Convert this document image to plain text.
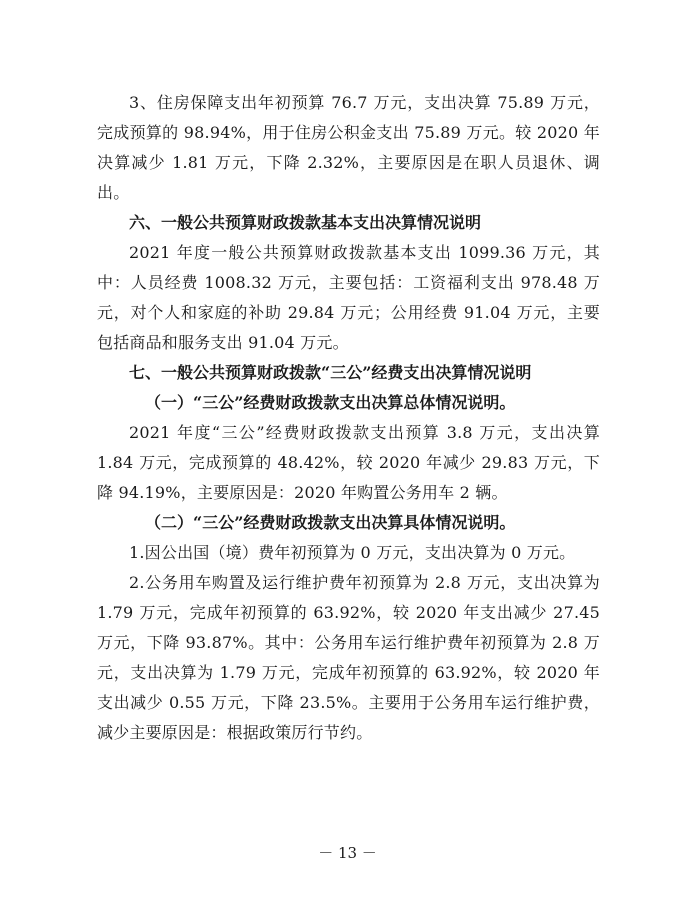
3、住房保障支出年初预算 76.7 万元，支出决算 75.89 万元，完成预算的 98.94%，用于住房公积金支出 75.89 万元。较 2020 年决算减少 1.81 万元，下降 2.32%，主要原因是在职人员退休、调出。

六、一般公共预算财政拨款基本支出决算情况说明

2021 年度一般公共预算财政拨款基本支出 1099.36 万元，其中：人员经费 1008.32 万元，主要包括：工资福利支出 978.48 万元，对个人和家庭的补助 29.84 万元；公用经费 91.04 万元，主要包括商品和服务支出 91.04 万元。

七、一般公共预算财政拨款“三公”经费支出决算情况说明

（一）“三公”经费财政拨款支出决算总体情况说明。

2021 年度“三公”经费财政拨款支出预算 3.8 万元，支出决算 1.84 万元，完成预算的 48.42%，较 2020 年减少 29.83 万元，下降 94.19%，主要原因是：2020 年购置公务用车 2 辆。

（二）“三公”经费财政拨款支出决算具体情况说明。

1.因公出国（境）费年初预算为 0 万元，支出决算为 0 万元。

2.公务用车购置及运行维护费年初预算为 2.8 万元，支出决算为 1.79 万元，完成年初预算的 63.92%，较 2020 年支出减少 27.45 万元，下降 93.87%。其中：公务用车运行维护费年初预算为 2.8 万元，支出决算为 1.79 万元，完成年初预算的 63.92%，较 2020 年支出减少 0.55 万元，下降 23.5%。主要用于公务用车运行维护费，减少主要原因是：根据政策厉行节约。

－ 13 －
